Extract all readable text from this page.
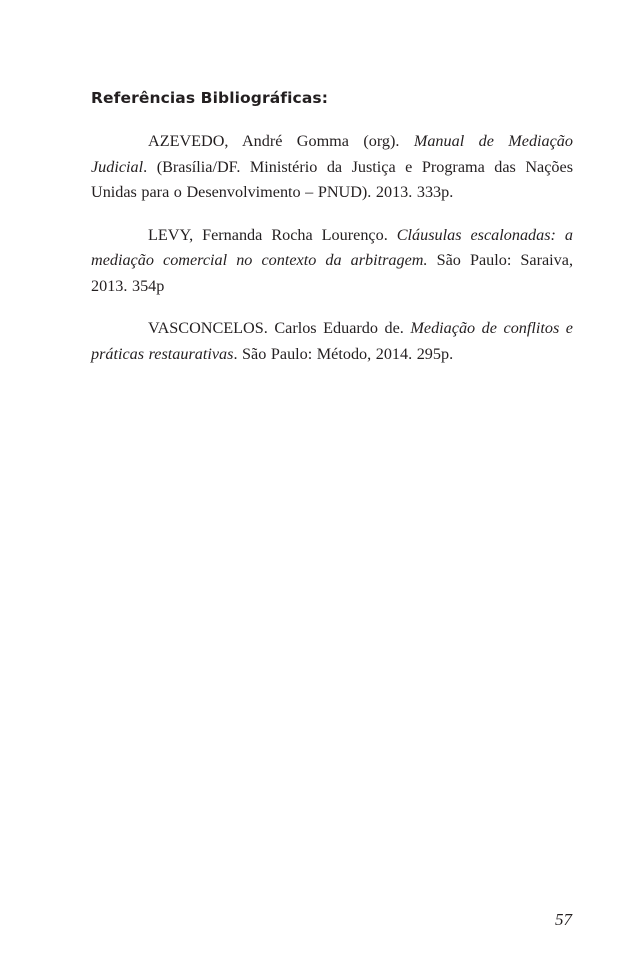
Referências Bibliográficas:

AZEVEDO, André Gomma (org). Manual de Mediação Judicial. (Brasília/DF. Ministério da Justiça e Programa das Nações Unidas para o Desenvolvimento – PNUD). 2013. 333p.

LEVY, Fernanda Rocha Lourenço. Cláusulas escalonadas: a mediação comercial no contexto da arbitragem. São Paulo: Saraiva, 2013. 354p

VASCONCELOS. Carlos Eduardo de. Mediação de conflitos e práticas restaurativas. São Paulo: Método, 2014. 295p.

57
